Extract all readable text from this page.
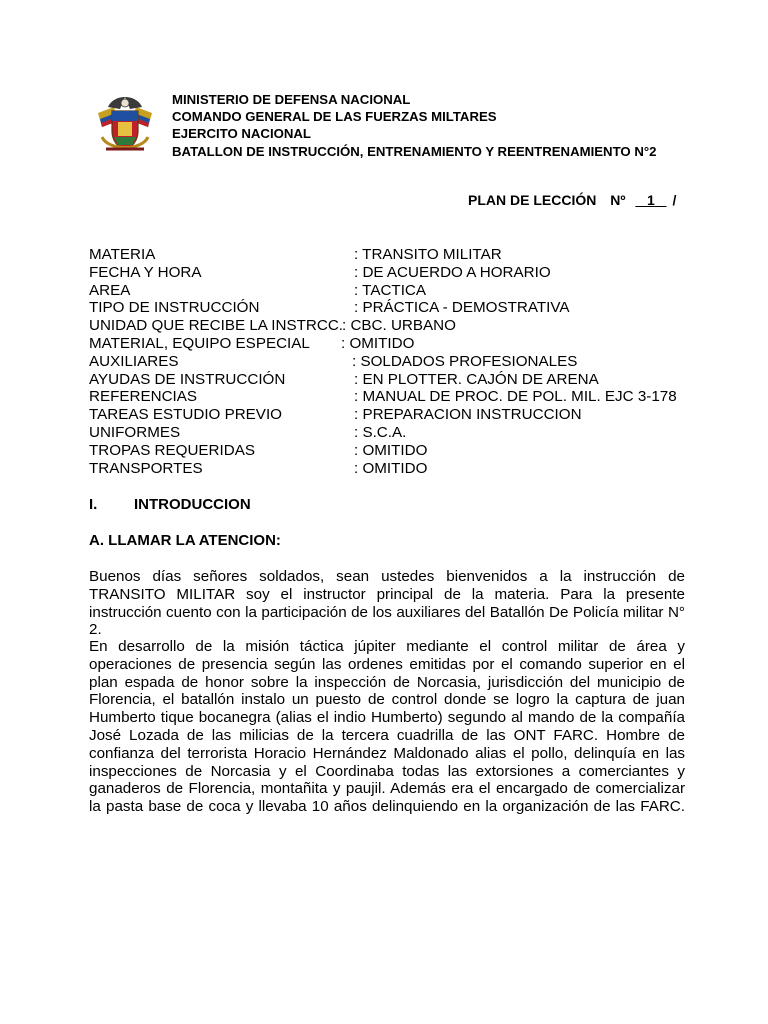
MINISTERIO DE DEFENSA NACIONAL
COMANDO GENERAL DE LAS FUERZAS MILTARES
EJERCITO NACIONAL
BATALLON DE INSTRUCCIÓN, ENTRENAMIENTO Y REENTRENAMIENTO N°2
PLAN DE LECCIÓN Nº 1 /
MATERIA	: TRANSITO MILITAR
FECHA Y HORA	: DE ACUERDO A HORARIO
AREA	: TACTICA
TIPO DE INSTRUCCIÓN	: PRÁCTICA - DEMOSTRATIVA
UNIDAD QUE RECIBE LA INSTRCC.
: CBC. URBANO
MATERIAL, EQUIPO ESPECIAL : OMITIDO
AUXILIARES	: SOLDADOS PROFESIONALES
AYUDAS DE INSTRUCCIÓN	: EN PLOTTER. CAJÓN DE ARENA
REFERENCIAS	: MANUAL DE PROC. DE POL. MIL. EJC 3-178
TAREAS ESTUDIO PREVIO	: PREPARACION INSTRUCCION
UNIFORMES	: S.C.A.
TROPAS REQUERIDAS	: OMITIDO
TRANSPORTES	: OMITIDO
I. INTRODUCCION
A. LLAMAR LA ATENCION:
Buenos días señores soldados, sean ustedes bienvenidos a la instrucción de TRANSITO MILITAR soy el instructor principal de la materia. Para la presente instrucción cuento con la participación de los auxiliares del Batallón De Policía militar N° 2.
En desarrollo de la misión táctica júpiter mediante el control militar de área y operaciones de presencia según las ordenes emitidas por el comando superior en el plan espada de honor sobre la inspección de Norcasia, jurisdicción del municipio de Florencia, el batallón instalo un puesto de control donde se logro la captura de juan Humberto tique bocanegra (alias el indio Humberto) segundo al mando de la compañía José Lozada de las milicias de la tercera cuadrilla de las ONT FARC. Hombre de confianza del terrorista Horacio Hernández Maldonado alias el pollo, delinquía en las inspecciones de Norcasia y el Coordinaba todas las extorsiones a comerciantes y ganaderos de Florencia, montañita y paujil. Además era el encargado de comercializar la pasta base de coca y llevaba 10 años delinquiendo en la organización de las FARC.
